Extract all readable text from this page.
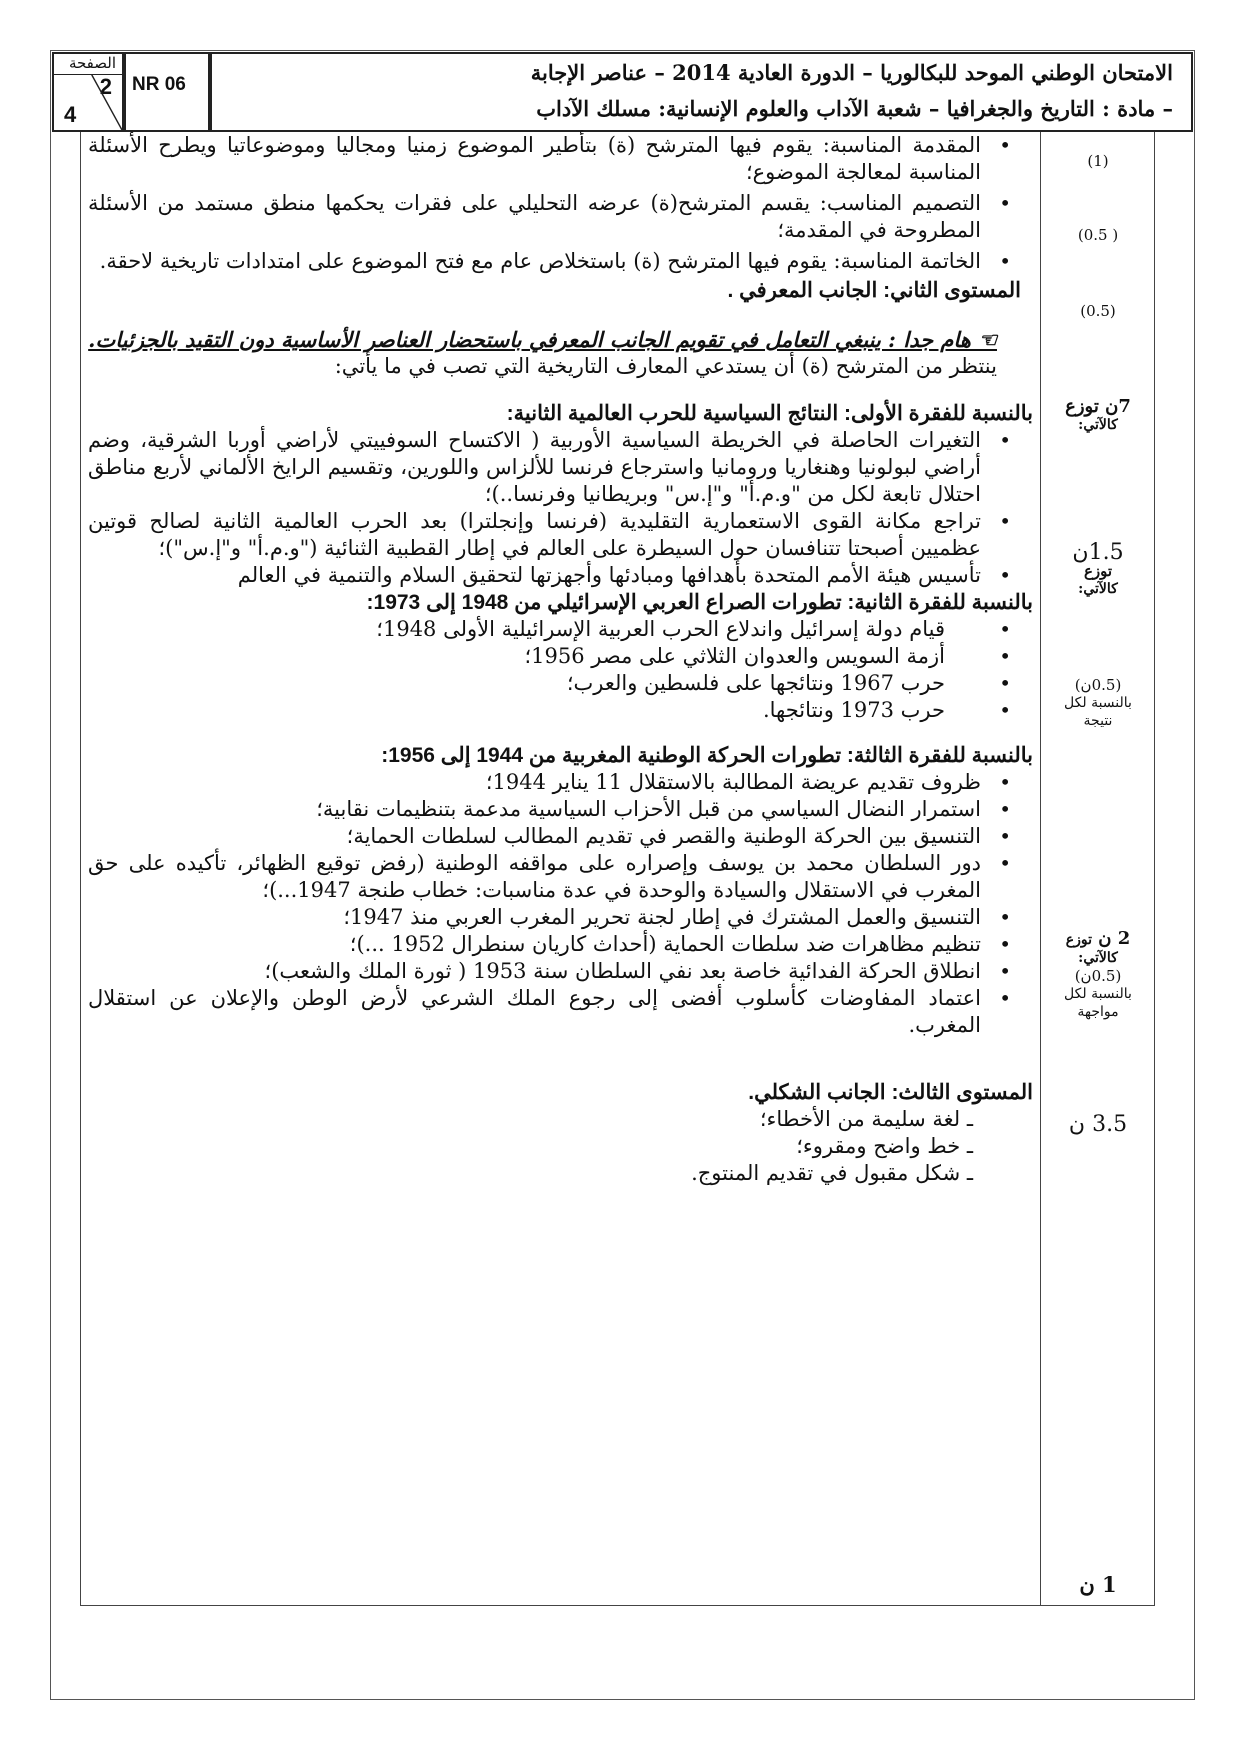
الصفحة
2
4
NR 06	الامتحان الوطني الموحد للبكالوريا – الدورة العادية 2014 – عناصر الإجابة
– مادة : التاريخ والجغرافيا – شعبة الآداب والعلوم الإنسانية: مسلك الآداب

• المقدمة المناسبة: يقوم فيها المترشح (ة) بتأطير الموضوع زمنيا ومجاليا وموضوعاتيا ويطرح الأسئلة المناسبة لمعالجة الموضوع؛

• التصميم المناسب: يقسم المترشح(ة) عرضه التحليلي على فقرات يحكمها منطق مستمد من الأسئلة المطروحة في المقدمة؛

• الخاتمة المناسبة: يقوم فيها المترشح (ة) باستخلاص عام مع فتح الموضوع على امتدادات تاريخية لاحقة.

المستوى الثاني: الجانب المعرفي .

☜ هام جدا : ينبغي التعامل في تقويم الجانب المعرفي باستحضار العناصر الأساسية دون التقيد بالجزئيات.

ينتظر من المترشح (ة) أن يستدعي المعارف التاريخية التي تصب في ما يأتي:

بالنسبة للفقرة الأولى: النتائج السياسية للحرب العالمية الثانية:

• التغيرات الحاصلة في الخريطة السياسية الأوربية ( الاكتساح السوفييتي لأراضي أوربا الشرقية، وضم أراضي لبولونيا وهنغاريا ورومانيا واسترجاع فرنسا للألزاس واللورين، وتقسيم الرايخ الألماني لأربع مناطق احتلال تابعة لكل من "و.م.أ" و"إ.س" وبريطانيا وفرنسا..)؛

• تراجع مكانة القوى الاستعمارية التقليدية (فرنسا وإنجلترا) بعد الحرب العالمية الثانية لصالح قوتين عظميين أصبحتا تتنافسان حول السيطرة على العالم في إطار القطبية الثنائية ("و.م.أ" و"إ.س")؛

• تأسيس هيئة الأمم المتحدة بأهدافها ومبادئها وأجهزتها لتحقيق السلام والتنمية في العالم

بالنسبة للفقرة الثانية: تطورات الصراع العربي الإسرائيلي من 1948 إلى 1973:

• قيام دولة إسرائيل واندلاع الحرب العربية الإسرائيلية الأولى 1948؛

• أزمة السويس والعدوان الثلاثي على مصر 1956؛

• حرب 1967 ونتائجها على فلسطين والعرب؛

• حرب 1973 ونتائجها.

بالنسبة للفقرة الثالثة: تطورات الحركة الوطنية المغربية من 1944 إلى 1956:

• ظروف تقديم عريضة المطالبة بالاستقلال 11 يناير 1944؛

• استمرار النضال السياسي من قبل الأحزاب السياسية مدعمة بتنظيمات نقابية؛

• التنسيق بين الحركة الوطنية والقصر في تقديم المطالب لسلطات الحماية؛

• دور السلطان محمد بن يوسف وإصراره على مواقفه الوطنية (رفض توقيع الظهائر، تأكيده على حق المغرب في الاستقلال والسيادة والوحدة في عدة مناسبات: خطاب طنجة 1947...)؛

• التنسيق والعمل المشترك في إطار لجنة تحرير المغرب العربي منذ 1947؛

• تنظيم مظاهرات ضد سلطات الحماية (أحداث كاريان سنطرال 1952 ...)؛

• انطلاق الحركة الفدائية خاصة بعد نفي السلطان سنة 1953 ( ثورة الملك والشعب)؛

• اعتماد المفاوضات كأسلوب أفضى إلى رجوع الملك الشرعي لأرض الوطن والإعلان عن استقلال المغرب.

المستوى الثالث: الجانب الشكلي.

ـ لغة سليمة من الأخطاء؛

ـ خط واضح ومقروء؛

ـ شكل مقبول في تقديم المنتوج.

(1)
( 0.5)
(0.5)
7ن توزع
كالآتي:
1.5ن
توزع
كالآتي:
(0.5ن)
بالنسبة لكل
نتيجة
2 ن توزع
كالآتي:
(0.5ن)
بالنسبة لكل
مواجهة
3.5 ن
1 ن
